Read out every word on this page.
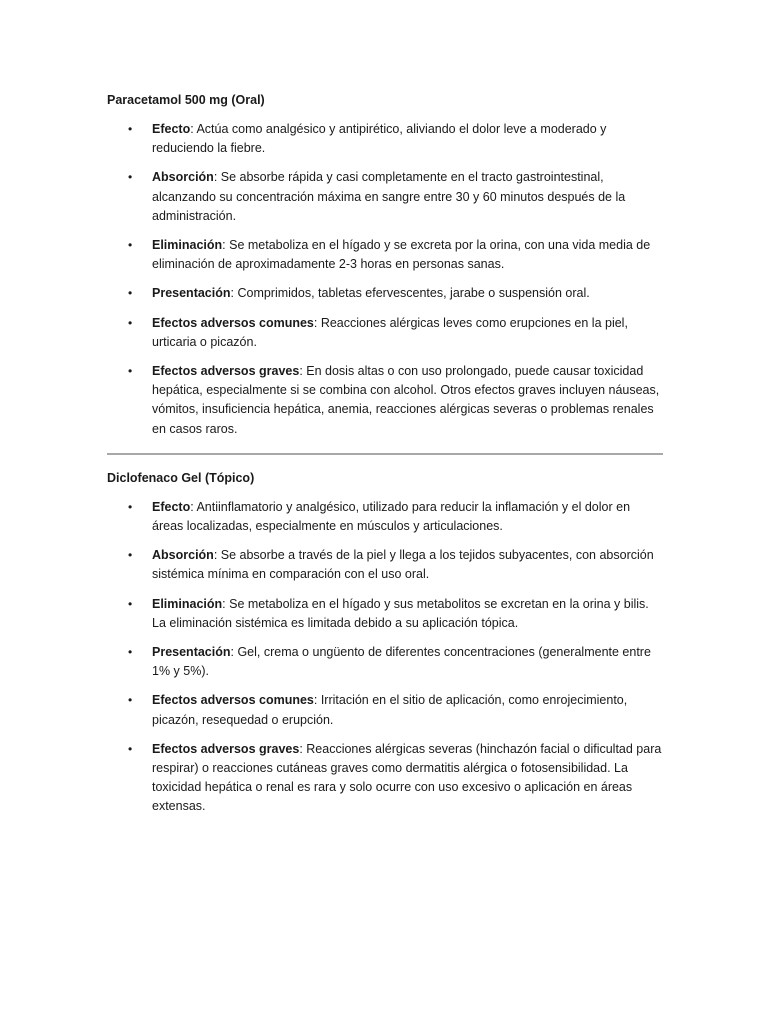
Paracetamol 500 mg (Oral)
• Efecto: Actúa como analgésico y antipirético, aliviando el dolor leve a moderado y reduciendo la fiebre.
• Absorción: Se absorbe rápida y casi completamente en el tracto gastrointestinal, alcanzando su concentración máxima en sangre entre 30 y 60 minutos después de la administración.
• Eliminación: Se metaboliza en el hígado y se excreta por la orina, con una vida media de eliminación de aproximadamente 2-3 horas en personas sanas.
• Presentación: Comprimidos, tabletas efervescentes, jarabe o suspensión oral.
• Efectos adversos comunes: Reacciones alérgicas leves como erupciones en la piel, urticaria o picazón.
• Efectos adversos graves: En dosis altas o con uso prolongado, puede causar toxicidad hepática, especialmente si se combina con alcohol. Otros efectos graves incluyen náuseas, vómitos, insuficiencia hepática, anemia, reacciones alérgicas severas o problemas renales en casos raros.
Diclofenaco Gel (Tópico)
• Efecto: Antiinflamatorio y analgésico, utilizado para reducir la inflamación y el dolor en áreas localizadas, especialmente en músculos y articulaciones.
• Absorción: Se absorbe a través de la piel y llega a los tejidos subyacentes, con absorción sistémica mínima en comparación con el uso oral.
• Eliminación: Se metaboliza en el hígado y sus metabolitos se excretan en la orina y bilis. La eliminación sistémica es limitada debido a su aplicación tópica.
• Presentación: Gel, crema o ungüento de diferentes concentraciones (generalmente entre 1% y 5%).
• Efectos adversos comunes: Irritación en el sitio de aplicación, como enrojecimiento, picazón, resequedad o erupción.
• Efectos adversos graves: Reacciones alérgicas severas (hinchazón facial o dificultad para respirar) o reacciones cutáneas graves como dermatitis alérgica o fotosensibilidad. La toxicidad hepática o renal es rara y solo ocurre con uso excesivo o aplicación en áreas extensas.
